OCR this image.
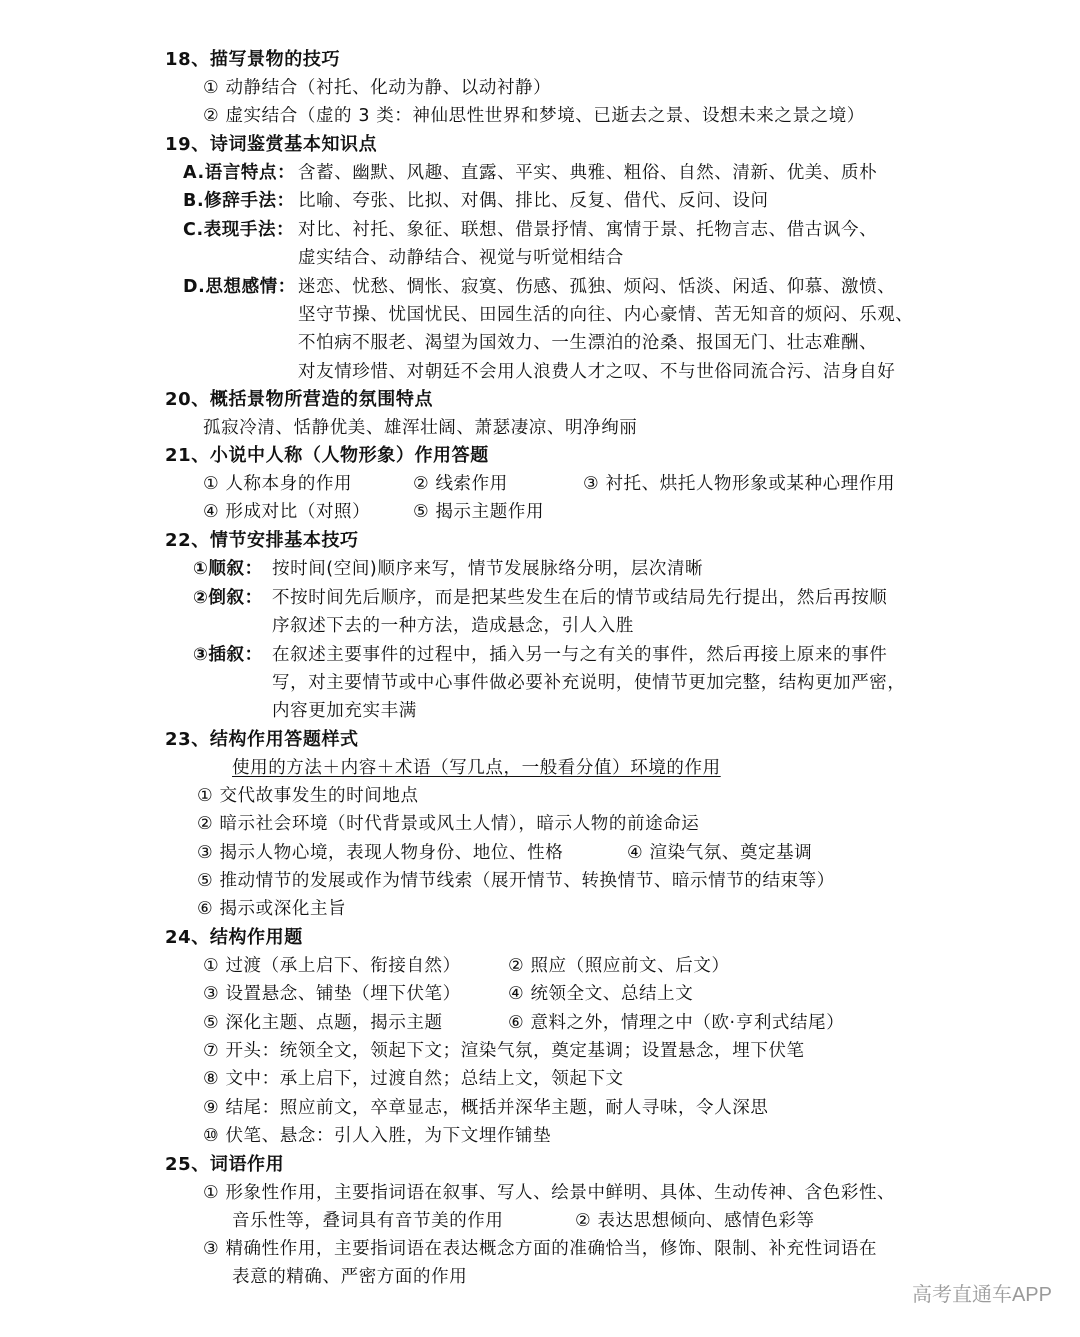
18、描写景物的技巧
① 动静结合（衬托、化动为静、以动衬静）
② 虚实结合（虚的 3 类：神仙思性世界和梦境、已逝去之景、设想未来之景之境）
19、诗词鉴赏基本知识点
A.语言特点： 含蓄、幽默、风趣、直露、平实、典雅、粗俗、自然、清新、优美、质朴
B.修辞手法： 比喻、夸张、比拟、对偶、排比、反复、借代、反问、设问
C.表现手法： 对比、衬托、象征、联想、借景抒情、寓情于景、托物言志、借古讽今、
虚实结合、动静结合、视觉与听觉相结合
D.思想感情： 迷恋、忧愁、惆怅、寂寞、伤感、孤独、烦闷、恬淡、闲适、仰慕、激愤、
坚守节操、忧国忧民、田园生活的向往、内心豪情、苦无知音的烦闷、乐观、
不怕病不服老、渴望为国效力、一生漂泊的沧桑、报国无门、壮志难酬、
对友情珍惜、对朝廷不会用人浪费人才之叹、不与世俗同流合污、洁身自好
20、概括景物所营造的氛围特点
孤寂冷清、恬静优美、雄浑壮阔、萧瑟凄凉、明净绚丽
21、小说中人称（人物形象）作用答题
① 人称本身的作用	② 线索作用	③ 衬托、烘托人物形象或某种心理作用
④ 形成对比（对照） ⑤ 揭示主题作用
22、情节安排基本技巧
①顺叙： 按时间(空间)顺序来写，情节发展脉络分明，层次清晰
②倒叙： 不按时间先后顺序，而是把某些发生在后的情节或结局先行提出，然后再按顺
序叙述下去的一种方法，造成悬念，引人入胜
③插叙： 在叙述主要事件的过程中，插入另一与之有关的事件，然后再接上原来的事件
写，对主要情节或中心事件做必要补充说明，使情节更加完整，结构更加严密，
内容更加充实丰满
23、结构作用答题样式
使用的方法＋内容＋术语（写几点，一般看分值）环境的作用
① 交代故事发生的时间地点
② 暗示社会环境（时代背景或风土人情），暗示人物的前途命运
③ 揭示人物心境，表现人物身份、地位、性格	④ 渲染气氛、奠定基调
⑤ 推动情节的发展或作为情节线索（展开情节、转换情节、暗示情节的结束等）
⑥ 揭示或深化主旨
24、结构作用题
① 过渡（承上启下、衔接自然）	② 照应（照应前文、后文）
③ 设置悬念、铺垫（埋下伏笔）	④ 统领全文、总结上文
⑤ 深化主题、点题，揭示主题	⑥ 意料之外，情理之中（欧·亨利式结尾）
⑦ 开头：统领全文，领起下文；渲染气氛，奠定基调；设置悬念，埋下伏笔
⑧ 文中：承上启下，过渡自然；总结上文，领起下文
⑨ 结尾：照应前文，卒章显志，概括并深华主题，耐人寻味，令人深思
⑩ 伏笔、悬念：引人入胜，为下文埋作铺垫
25、词语作用
① 形象性作用，主要指词语在叙事、写人、绘景中鲜明、具体、生动传神、含色彩性、
音乐性等，叠词具有音节美的作用	② 表达思想倾向、感情色彩等
③ 精确性作用，主要指词语在表达概念方面的准确恰当，修饰、限制、补充性词语在
表意的精确、严密方面的作用
高考直通车APP
